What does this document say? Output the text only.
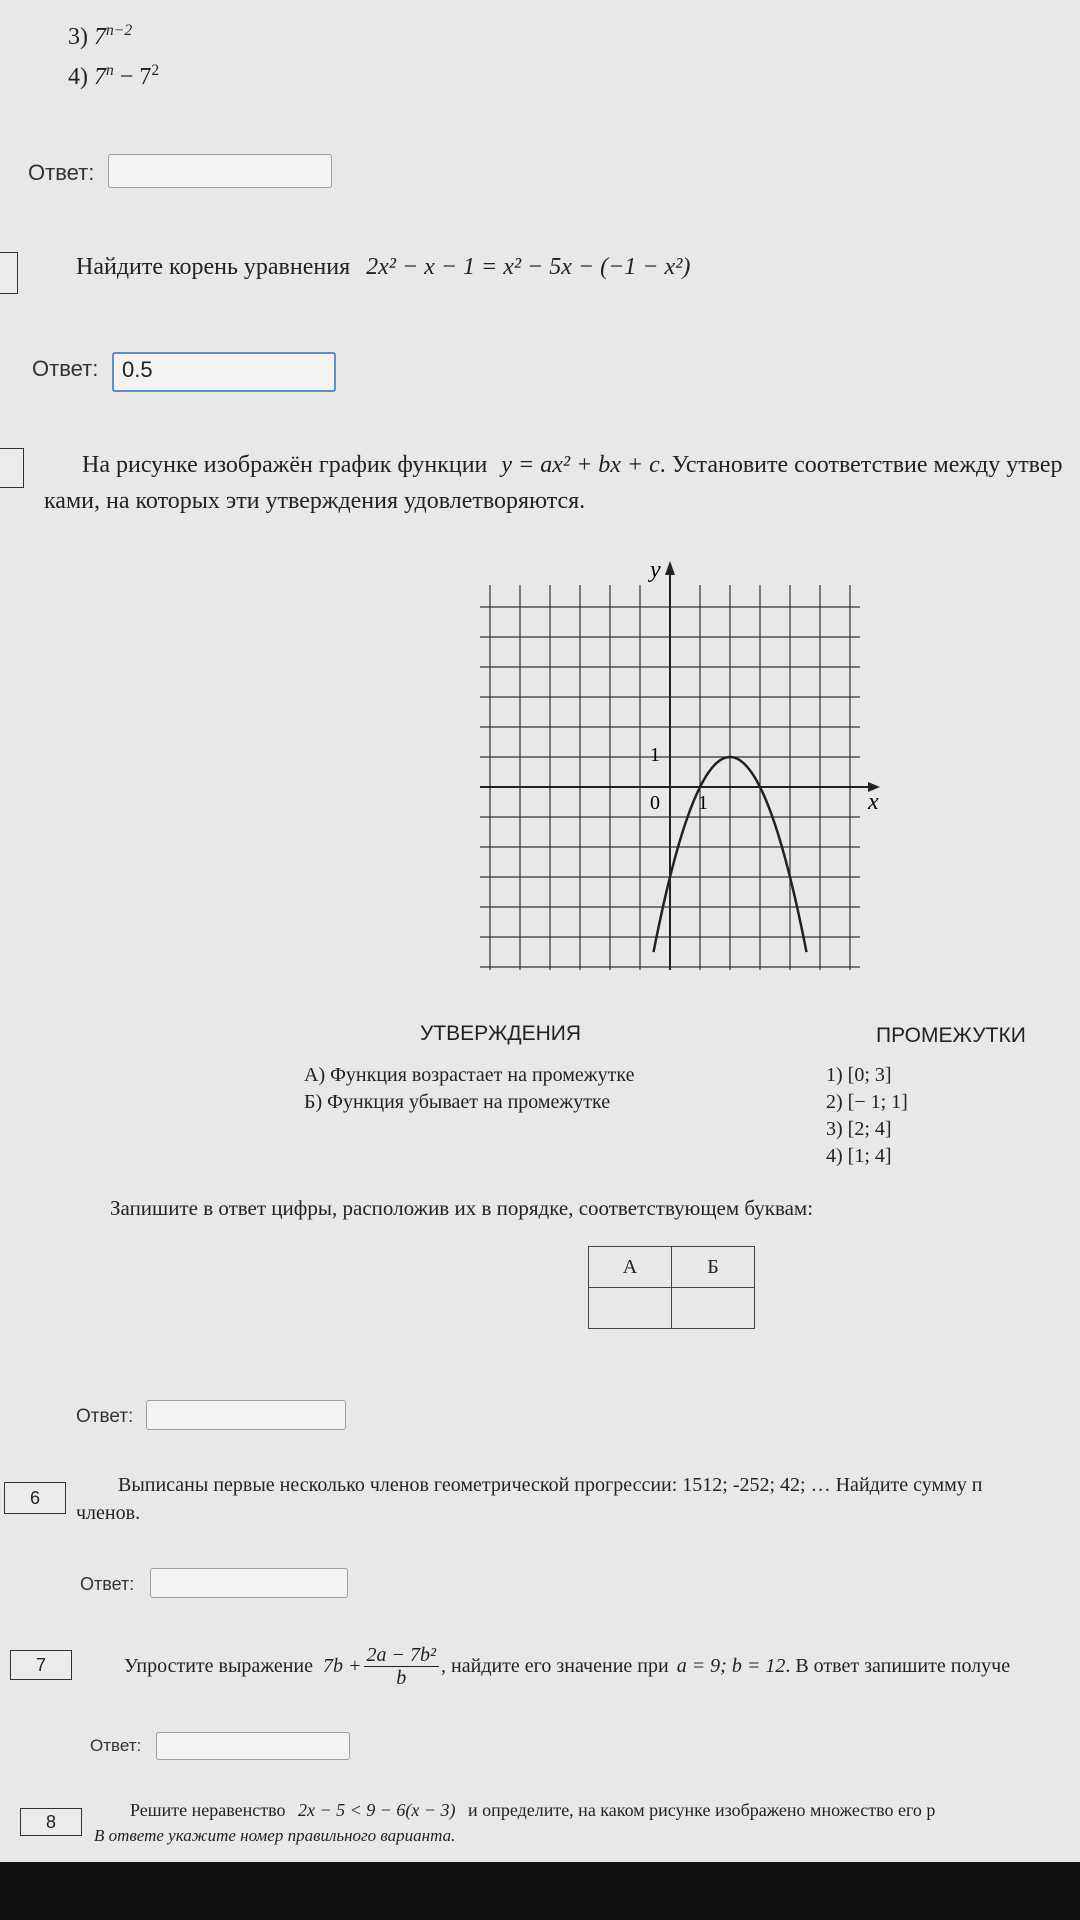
3) $7^{n-2}$
4) $7^n - 7^2$
Ответ:
Найдите корень уравнения 2x² − x − 1 = x² − 5x − (−1 − x²)
Ответ:	0.5
На рисунке изображён график функции y = ax² + bx + c. Установите соответствие между утвер
ками, на которых эти утверждения удовлетворяются.
y
x
0 1
1
УТВЕРЖДЕНИЯ	ПРОМЕЖУТКИ
А) Функция возрастает на промежутке
Б) Функция убывает на промежутке
1) [0; 3]
2) [− 1; 1]
3) [2; 4]
4) [1; 4]
Запишите в ответ цифры, расположив их в порядке, соответствующем буквам:
А	Б

Ответ:
6
Выписаны первые несколько членов геометрической прогрессии: 1512; -252; 42; … Найдите сумму п
членов.
Ответ:
7	Упростите выражение $7b + \frac{\text{2a − 7b²}}{b}$ , найдите его значение при a = 9; b = 12 . В ответ запишите получе
Ответ:
8
Решите неравенство 2x − 5 < 9 − 6(x − 3) и определите, на каком рисунке изображено множество его р
В ответе укажите номер правильного варианта.
